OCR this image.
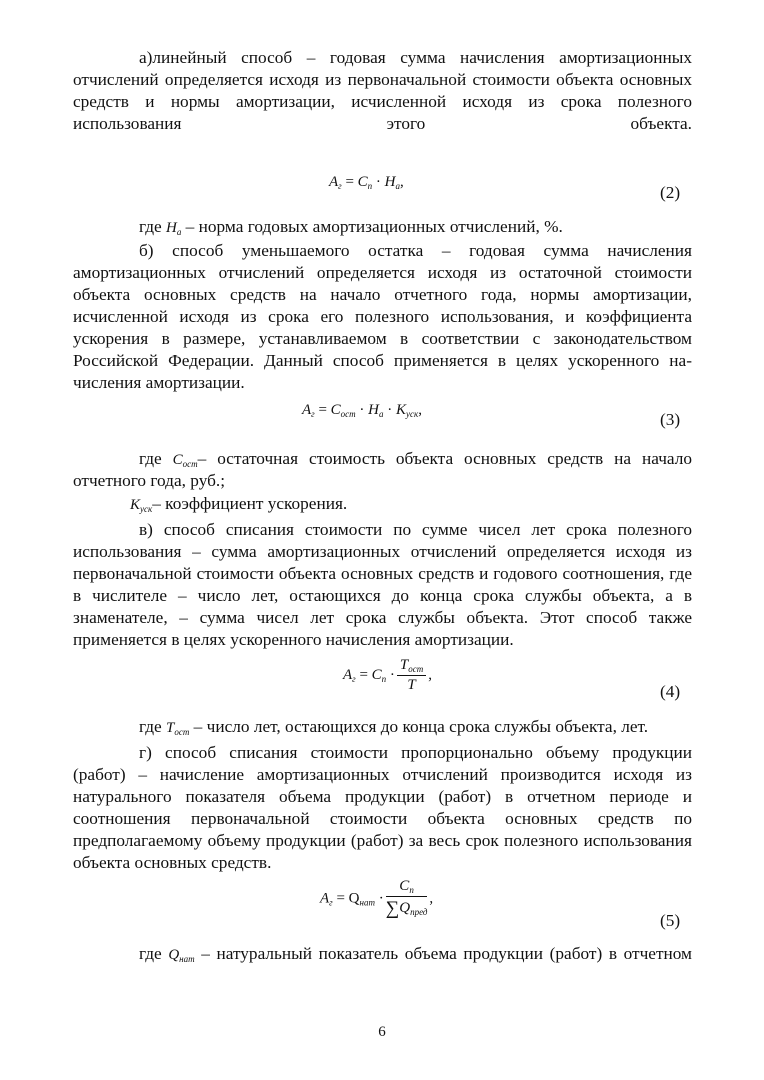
а)линейный способ – годовая сумма начисления амортизационных отчислений определяется исходя из первоначальной стоимости объекта основных средств и нормы амортизации, исчисленной исходя из срока полезного использования этого объекта.

$A_г = C_п \cdot H_а$,
(2)
где $H_а$ – норма годовых амортизационных отчислений, %.

б) способ уменьшаемого остатка – годовая сумма начисления амортизационных отчислений определяется исходя из остаточной стоимости объекта основных средств на начало отчетного года, нормы амортизации, исчисленной исходя из срока его полезного использования, и коэффициента ускорения в размере, устанавливаемом в соответствии с законодательством Российской Федерации. Данный способ применяется в целях ускоренного начисления амортизации.

$A_г = C_{ост} \cdot H_а \cdot K_{уск}$,	(3)

где $C_{ост}-$ остаточная стоимость объекта основных средств на начало

отчетного года, руб.;
$K_{уск}-$ коэффициент ускорения.

в) способ списания стоимости по сумме чисел лет срока полезного использования – сумма амортизационных отчислений определяется исходя из первоначальной стоимости объекта основных средств и годового соотношения, где в числителе – число лет, остающихся до конца срока службы объекта, а в знаменателе, – сумма чисел лет срока службы объекта. Этот способ также применяется в целях ускоренного начисления амортизации.

$A_г = C_п \cdot \frac{T_{ост}}{T}$ ,
(4)
где $T_{ост}$ – число лет, остающихся до конца срока службы объекта, лет.

г) способ списания стоимости пропорционально объему продукции (работ) – начисление амортизационных отчислений производится исходя из натурального показателя объема продукции (работ) в отчетном периоде и соотношения первоначальной стоимости объекта основных средств по предполагаемому объему продукции (работ) за весь срок полезного использования объекта основных средств.

$A_г = Q_{нат} \cdot \frac{C_п}{\sum Q_{пред}}$ ,
(5)

где $Q_{нат}$ – натуральный показатель объема продукции (работ) в отчетном

6
